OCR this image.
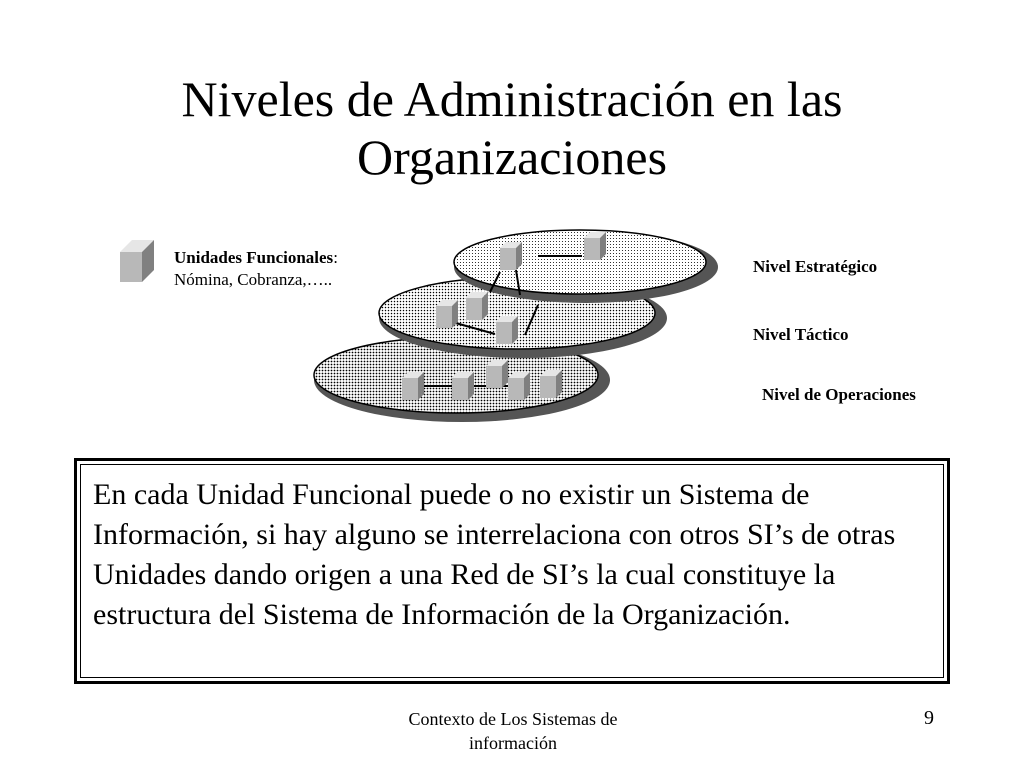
Niveles de Administración en las
Organizaciones
Unidades Funcionales:
Nómina, Cobranza,…..
Nivel Estratégico
Nivel Táctico
Nivel de Operaciones
En cada Unidad Funcional puede o no existir un Sistema de Información, si hay alguno se interrelaciona con otros SI’s de otras Unidades dando origen a una Red de SI’s la cual constituye la estructura del Sistema de Información de la Organización.
Contexto de Los Sistemas de
información
9
